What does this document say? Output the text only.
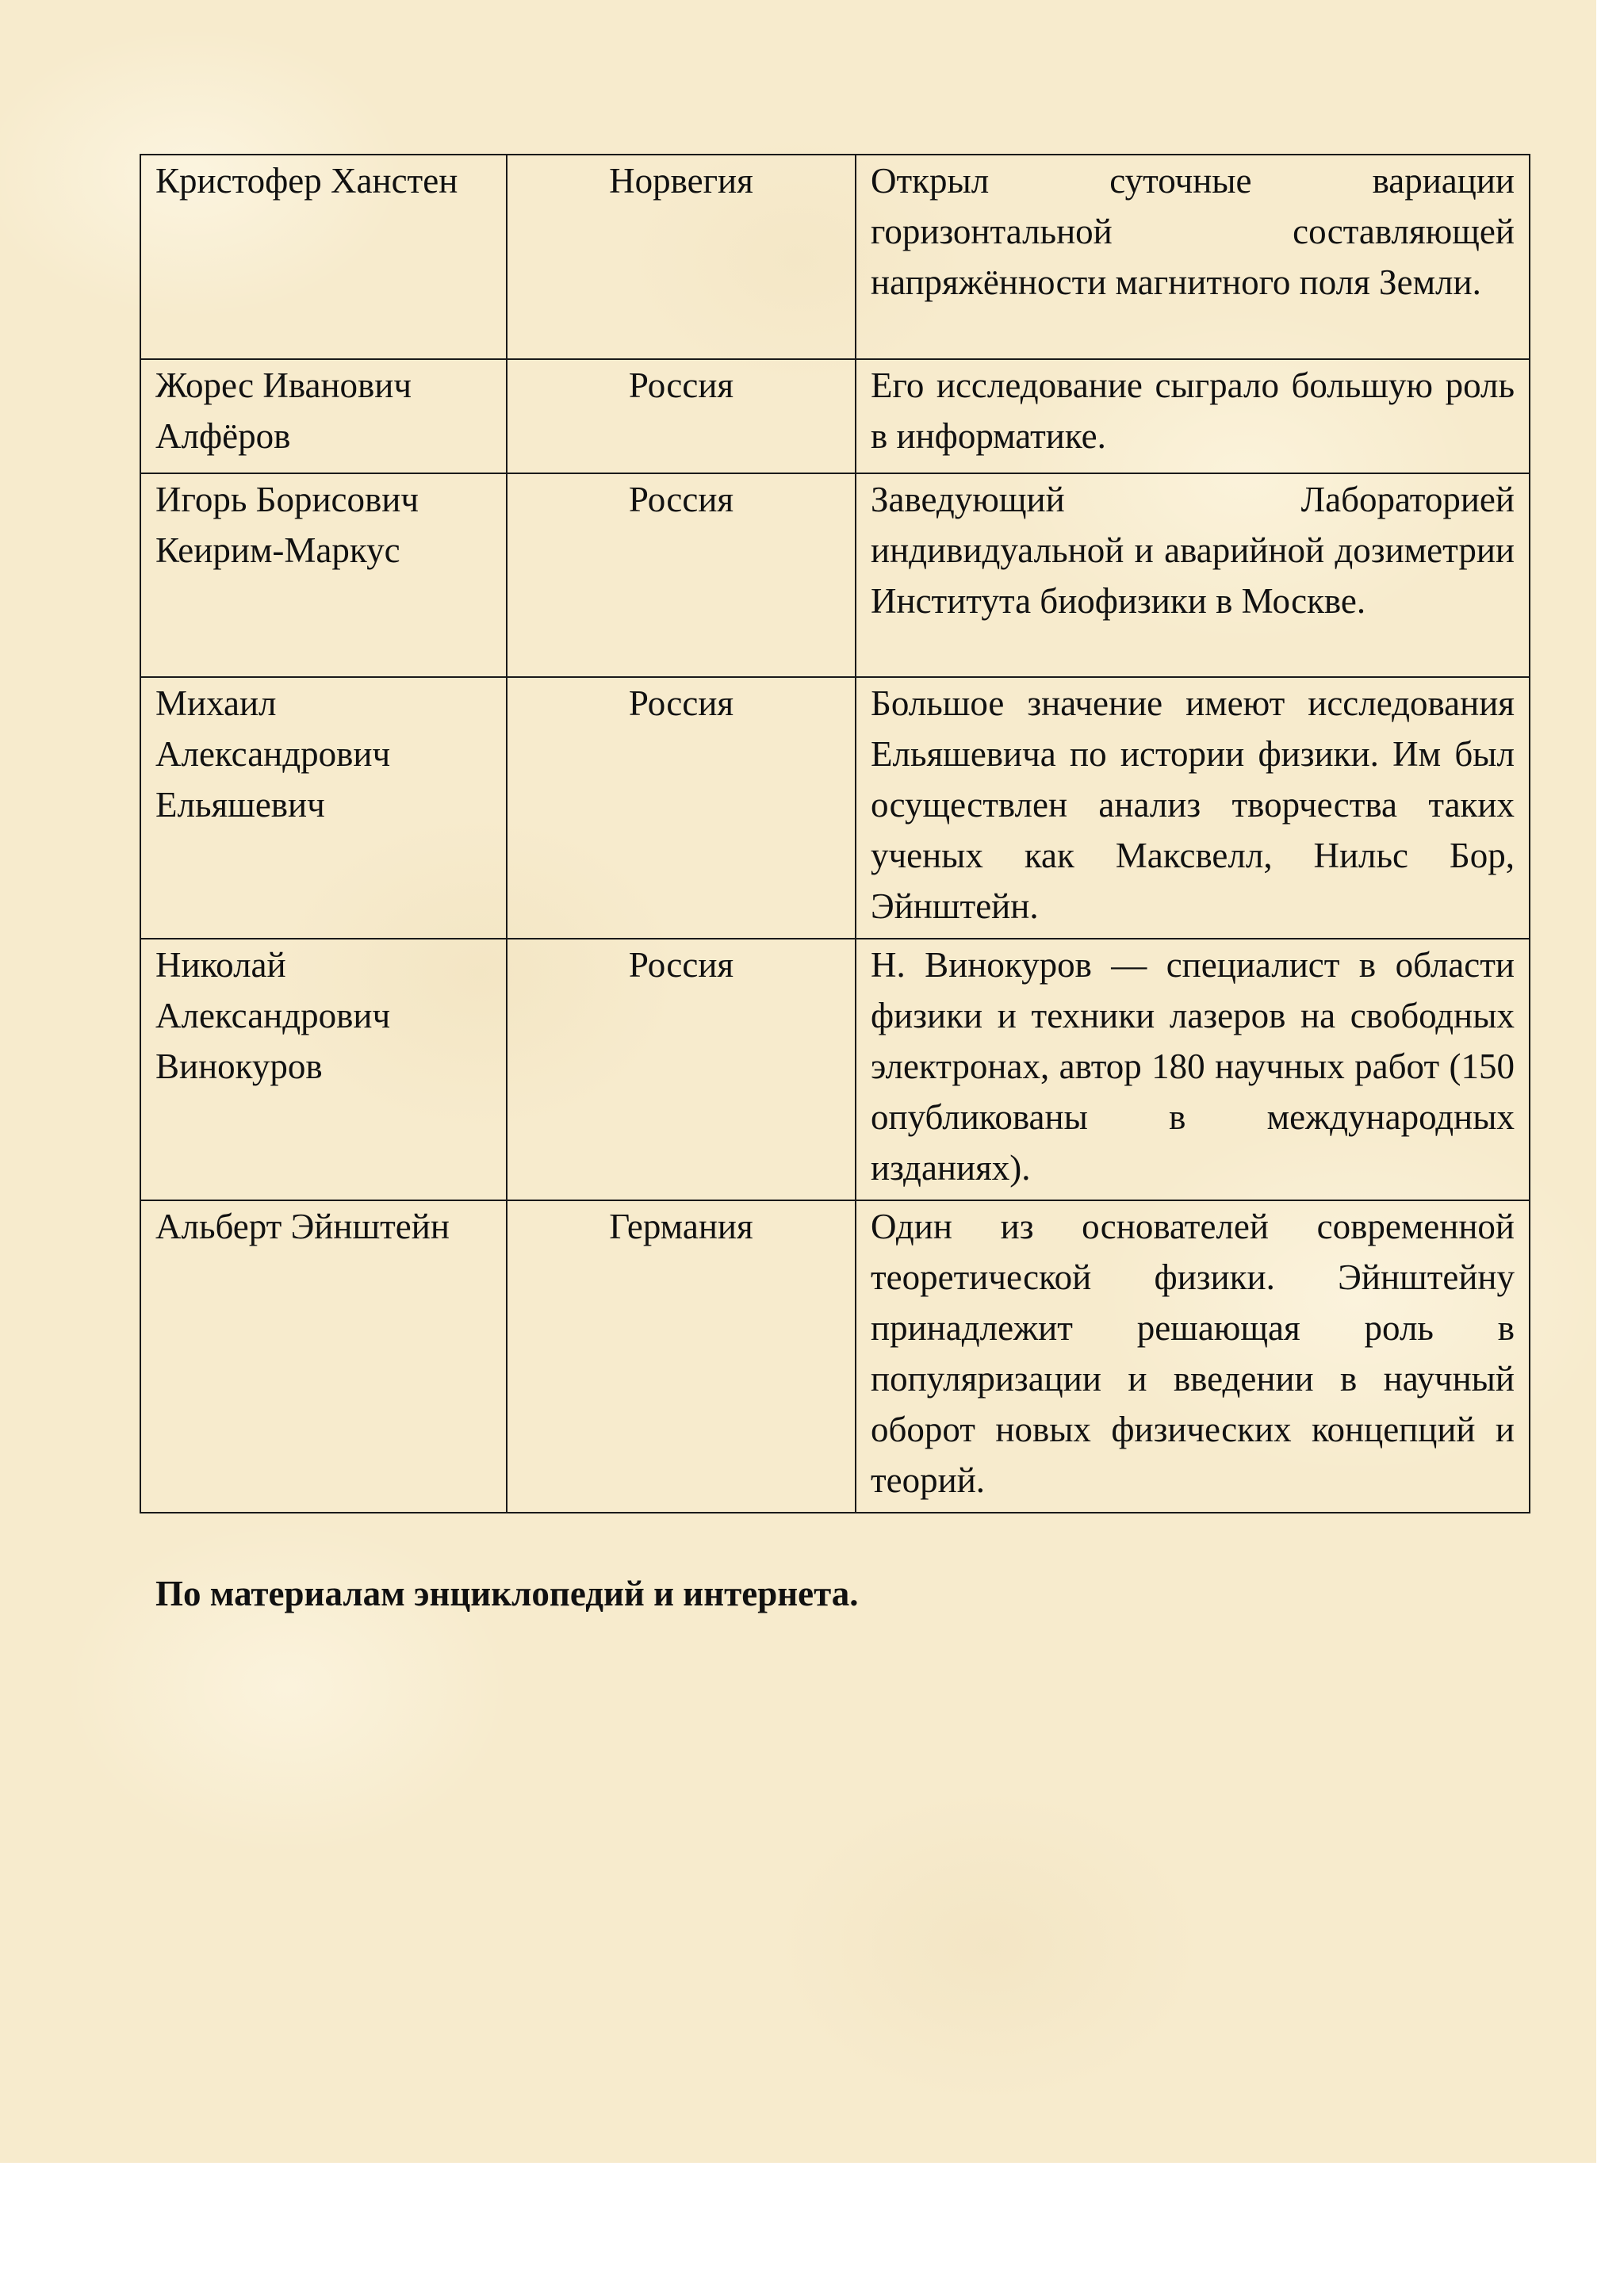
Кристофер Ханстен	Норвегия	Открыл суточные вариации горизонтальной составляющей напряжённости магнитного поля Земли.
Жорес Иванович Алфёров	Россия	Его исследование сыграло большую роль в информатике.
Игорь Борисович Кеирим-Маркус	Россия	Заведующий Лабораторией индивидуальной и аварийной дозиметрии Института биофизики в Москве.
Михаил Александрович Ельяшевич	Россия	Большое значение имеют исследования Ельяшевича по истории физики. Им был осуществлен анализ творчества таких ученых как Максвелл, Нильс Бор, Эйнштейн.
Николай Александрович Винокуров	Россия	Н. Винокуров — специалист в области физики и техники лазеров на свободных электронах, автор 180 научных работ (150 опубликованы в международных изданиях).
Альберт Эйнштейн	Германия	Один из основателей современной теоретической физики. Эйнштейну принадлежит решающая роль в популяризации и введении в научный оборот новых физических концепций и теорий.
По материалам энциклопедий и интернета.
